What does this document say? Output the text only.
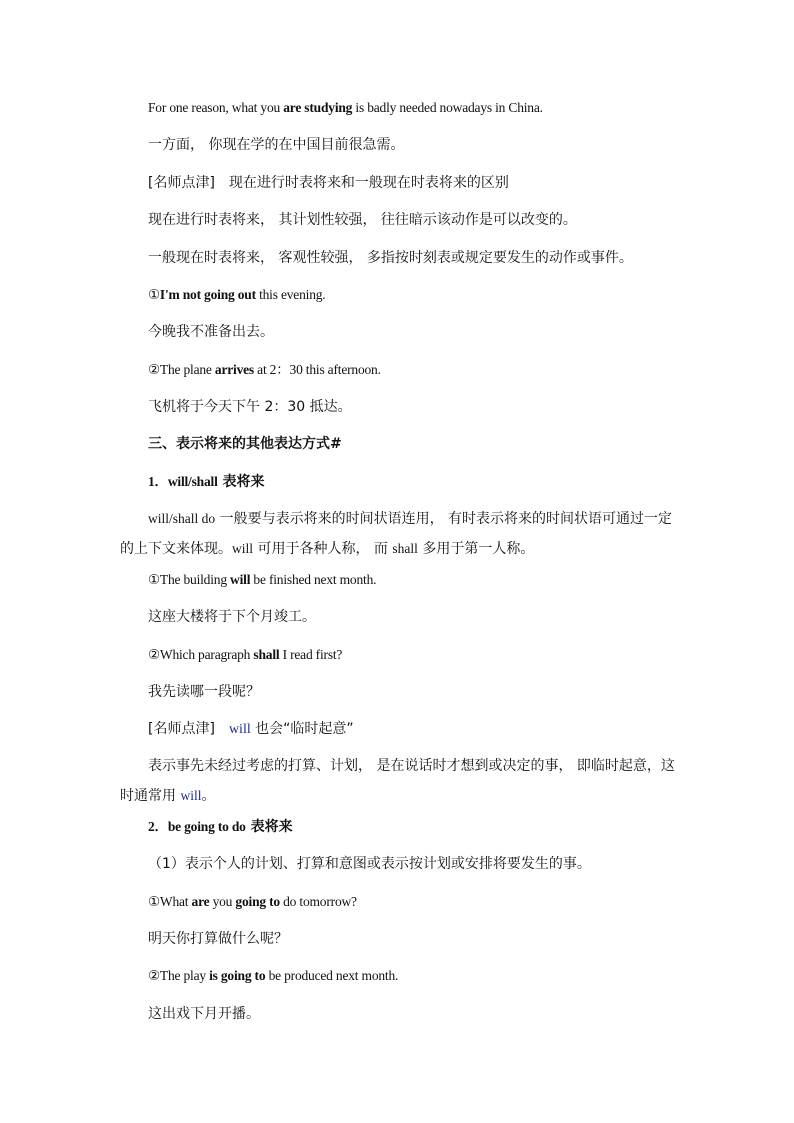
For one reason, what you are studying is badly needed nowadays in China.
一方面， 你现在学的在中国目前很急需。
[名师点津]　现在进行时表将来和一般现在时表将来的区别
现在进行时表将来， 其计划性较强， 往往暗示该动作是可以改变的。
一般现在时表将来， 客观性较强， 多指按时刻表或规定要发生的动作或事件。
①I'm not going out this evening.
今晚我不准备出去。
②The plane arrives at 2：30 this afternoon.
飞机将于今天下午 2：30 抵达。
三、表示将来的其他表达方式#
1．will/shall 表将来
will/shall do 一般要与表示将来的时间状语连用， 有时表示将来的时间状语可通过一定的上下文来体现。will 可用于各种人称， 而 shall 多用于第一人称。
①The building will be finished next month.
这座大楼将于下个月竣工。
②Which paragraph shall I read first?
我先读哪一段呢？
[名师点津]　will 也会“临时起意”
表示事先未经过考虑的打算、计划， 是在说话时才想到或决定的事， 即临时起意，这时通常用 will。
2．be going to do 表将来
（1）表示个人的计划、打算和意图或表示按计划或安排将要发生的事。
①What are you going to do tomorrow?
明天你打算做什么呢？
②The play is going to be produced next month.
这出戏下月开播。
